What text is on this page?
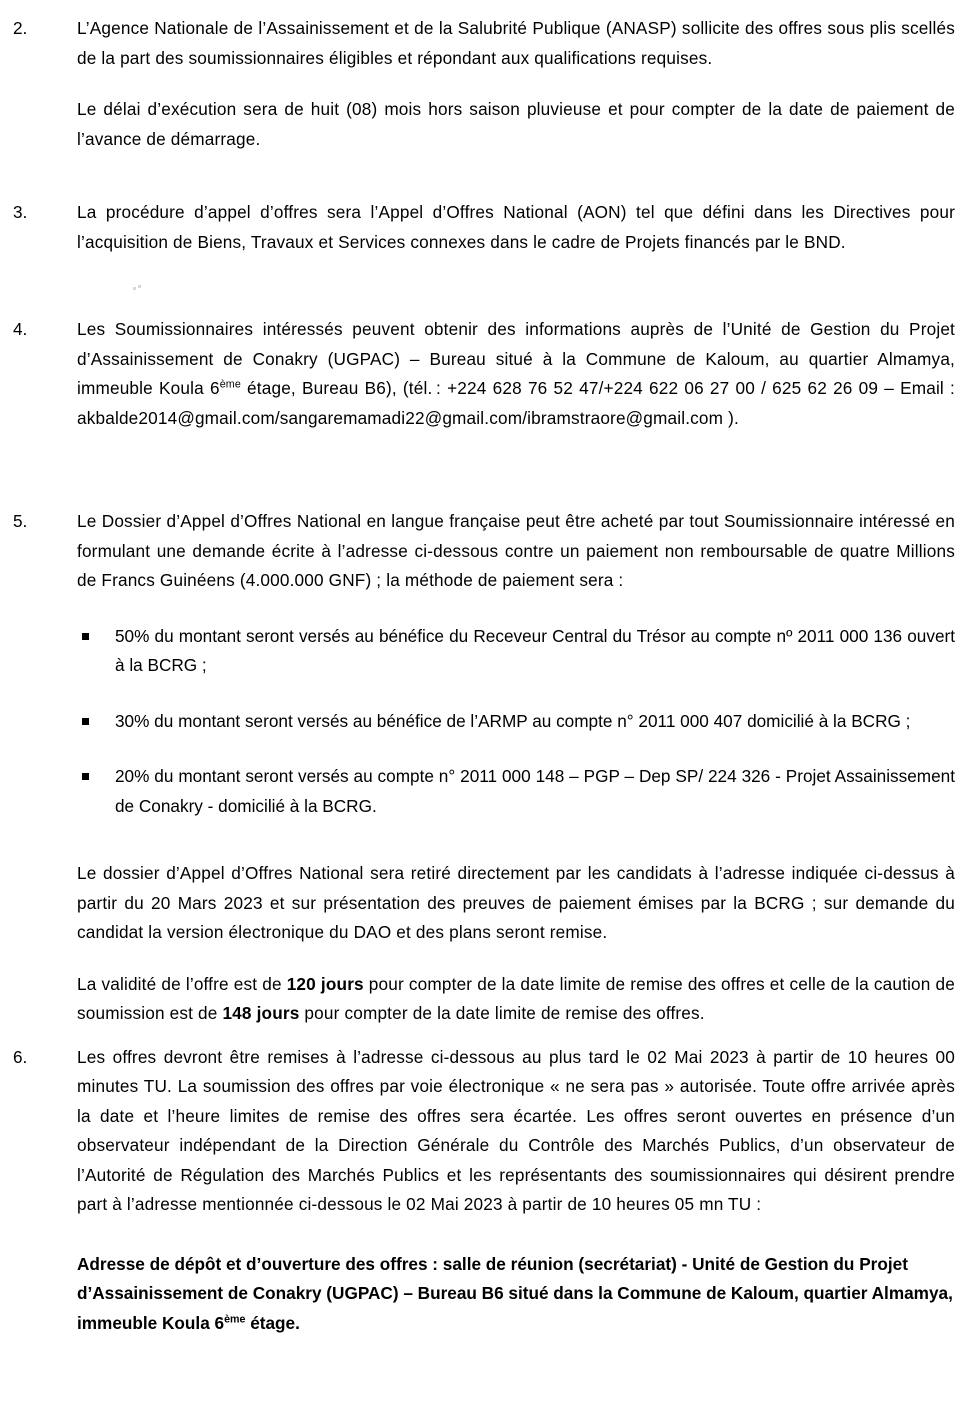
2.	L’Agence Nationale de l’Assainissement et de la Salubrité Publique (ANASP) sollicite des offres sous plis scellés de la part des soumissionnaires éligibles et répondant aux qualifications requises.

Le délai d’exécution sera de huit (08) mois hors saison pluvieuse et pour compter de la date de paiement de l’avance de démarrage.

3.	La procédure d’appel d’offres sera l’Appel d’Offres National (AON) tel que défini dans les Directives pour l’acquisition de Biens, Travaux et Services connexes dans le cadre de Projets financés par le BND.

4.	Les Soumissionnaires intéressés peuvent obtenir des informations auprès de l’Unité de Gestion du Projet d’Assainissement de Conakry (UGPAC) – Bureau situé à la Commune de Kaloum, au quartier Almamya, immeuble Koula 6ème étage, Bureau B6), (tél. : +224 628 76 52 47/+224 622 06 27 00 / 625 62 26 09 – Email : akbalde2014@gmail.com/sangaremamadi22@gmail.com/ibramstraore@gmail.com ).

5.	Le Dossier d’Appel d’Offres National en langue française peut être acheté par tout Soumissionnaire intéressé en formulant une demande écrite à l’adresse ci-dessous contre un paiement non remboursable de quatre Millions de Francs Guinéens (4.000.000 GNF) ; la méthode de paiement sera :

50% du montant seront versés au bénéfice du Receveur Central du Trésor au compte nº 2011 000 136 ouvert à la BCRG ;
30% du montant seront versés au bénéfice de l’ARMP au compte n° 2011 000 407 domicilié à la BCRG ;
20% du montant seront versés au compte n° 2011 000 148 – PGP – Dep SP/ 224 326 - Projet Assainissement de Conakry - domicilié à la BCRG.

Le dossier d’Appel d’Offres National sera retiré directement par les candidats à l’adresse indiquée ci-dessus à partir du 20 Mars 2023 et sur présentation des preuves de paiement émises par la BCRG ; sur demande du candidat la version électronique du DAO et des plans seront remise.

La validité de l’offre est de 120 jours pour compter de la date limite de remise des offres et celle de la caution de soumission est de 148 jours pour compter de la date limite de remise des offres.

6.	Les offres devront être remises à l’adresse ci-dessous au plus tard le 02 Mai 2023 à partir de 10 heures 00 minutes TU. La soumission des offres par voie électronique « ne sera pas » autorisée. Toute offre arrivée après la date et l’heure limites de remise des offres sera écartée. Les offres seront ouvertes en présence d’un observateur indépendant de la Direction Générale du Contrôle des Marchés Publics, d’un observateur de l’Autorité de Régulation des Marchés Publics et les représentants des soumissionnaires qui désirent prendre part à l’adresse mentionnée ci-dessous le 02 Mai 2023 à partir de 10 heures 05 mn TU :

Adresse de dépôt et d’ouverture des offres : salle de réunion (secrétariat) - Unité de Gestion du Projet d’Assainissement de Conakry (UGPAC) – Bureau B6 situé dans la Commune de Kaloum, quartier Almamya, immeuble Koula 6ème étage.
